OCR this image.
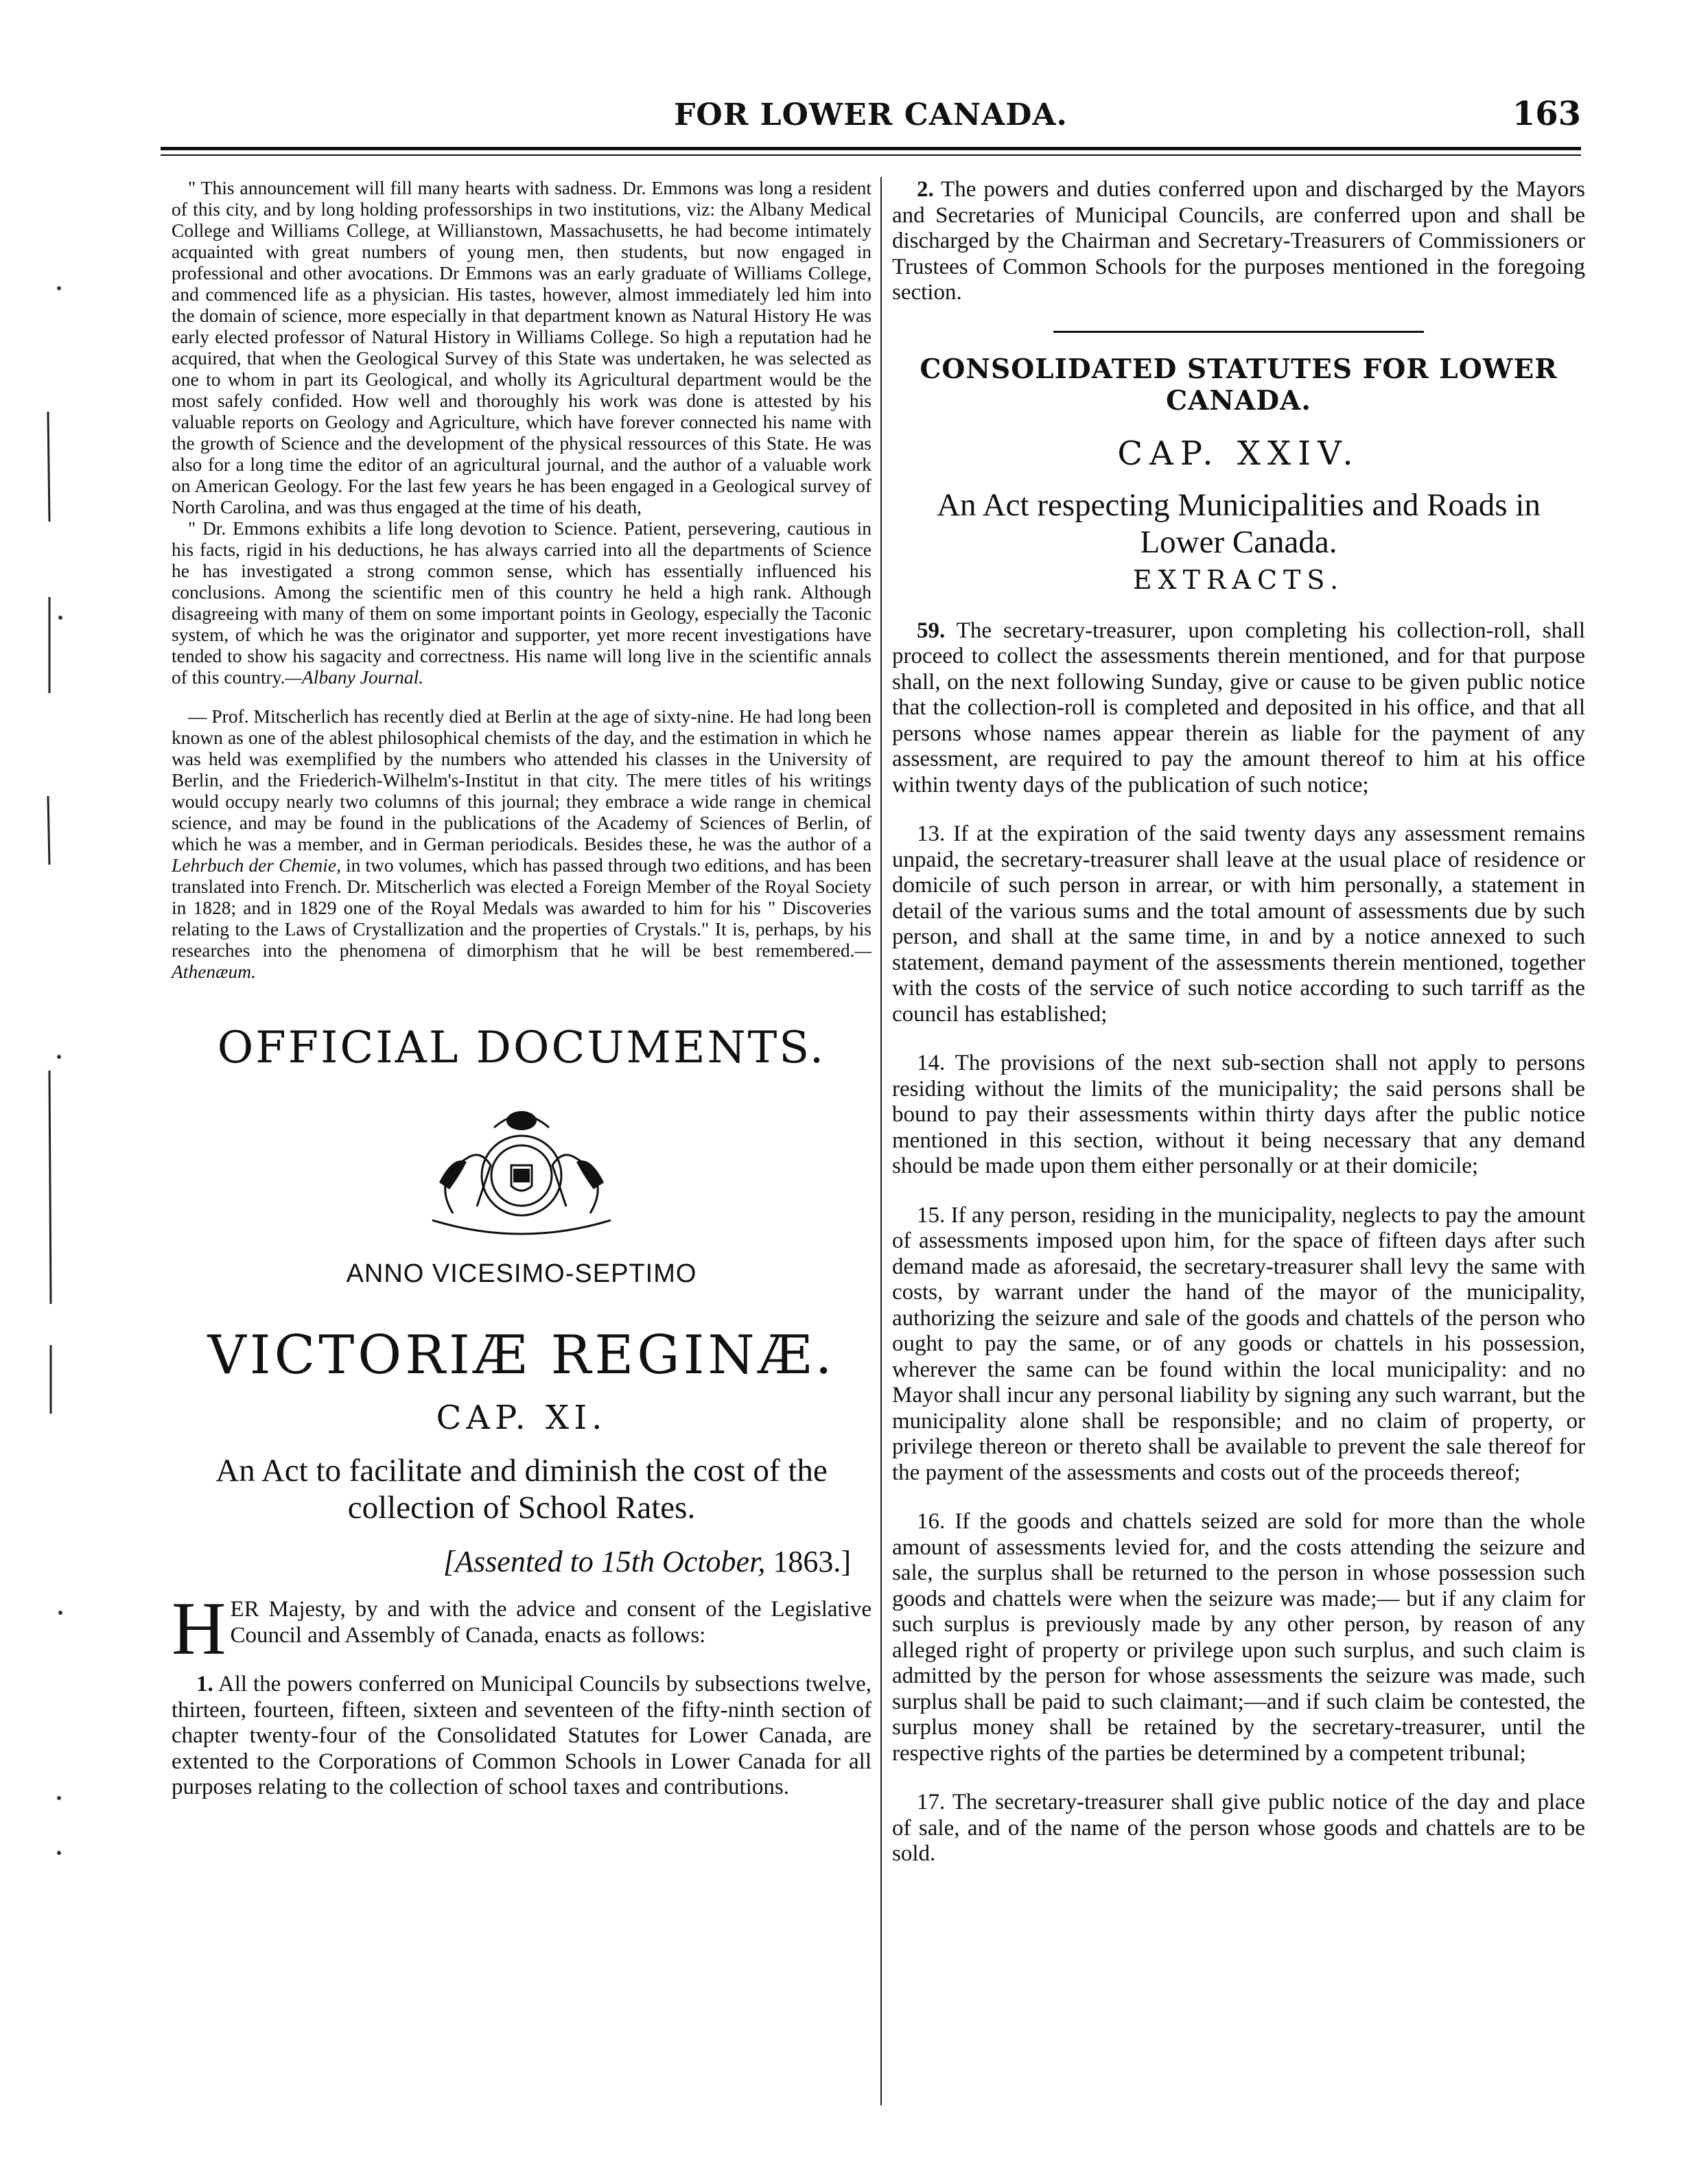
FOR LOWER CANADA.	163

" This announcement will fill many hearts with sadness. Dr. Emmons was long a resident of this city, and by long holding professorships in two institutions, viz: the Albany Medical College and Williams College, at Willianstown, Massachusetts, he had become intimately acquainted with great numbers of young men, then students, but now engaged in professional and other avocations. Dr Emmons was an early graduate of Williams College, and commenced life as a physician. His tastes, however, almost immediately led him into the domain of science, more especially in that department known as Natural History He was early elected professor of Natural History in Williams College. So high a reputation had he acquired, that when the Geological Survey of this State was undertaken, he was selected as one to whom in part its Geological, and wholly its Agricultural department would be the most safely confided. How well and thoroughly his work was done is attested by his valuable reports on Geology and Agriculture, which have forever connected his name with the growth of Science and the development of the physical ressources of this State. He was also for a long time the editor of an agricultural journal, and the author of a valuable work on American Geology. For the last few years he has been engaged in a Geological survey of North Carolina, and was thus engaged at the time of his death,

" Dr. Emmons exhibits a life long devotion to Science. Patient, persevering, cautious in his facts, rigid in his deductions, he has always carried into all the departments of Science he has investigated a strong common sense, which has essentially influenced his conclusions. Among the scientific men of this country he held a high rank. Although disagreeing with many of them on some important points in Geology, especially the Taconic system, of which he was the originator and supporter, yet more recent investigations have tended to show his sagacity and correctness. His name will long live in the scientific annals of this country.—Albany Journal.

— Prof. Mitscherlich has recently died at Berlin at the age of sixty-nine. He had long been known as one of the ablest philosophical chemists of the day, and the estimation in which he was held was exemplified by the numbers who attended his classes in the University of Berlin, and the Friederich-Wilhelm's-Institut in that city. The mere titles of his writings would occupy nearly two columns of this journal; they embrace a wide range in chemical science, and may be found in the publications of the Academy of Sciences of Berlin, of which he was a member, and in German periodicals. Besides these, he was the author of a Lehrbuch der Chemie, in two volumes, which has passed through two editions, and has been translated into French. Dr. Mitscherlich was elected a Foreign Member of the Royal Society in 1828; and in 1829 one of the Royal Medals was awarded to him for his " Discoveries relating to the Laws of Crystallization and the properties of Crystals." It is, perhaps, by his researches into the phenomena of dimorphism that he will be best remembered.—Athenæum.

OFFICIAL DOCUMENTS.
ANNO VICESIMO-SEPTIMO
VICTORIÆ REGINÆ.
CAP. XI.
An Act to facilitate and diminish the cost of the collection of School Rates.
[Assented to 15th October, 1863.]
H ER Majesty, by and with the advice and consent of the Legislative Council and Assembly of Canada, enacts as follows:

1. All the powers conferred on Municipal Councils by subsections twelve, thirteen, fourteen, fifteen, sixteen and seventeen of the fifty-ninth section of chapter twenty-four of the Consolidated Statutes for Lower Canada, are extented to the Corporations of Common Schools in Lower Canada for all purposes relating to the collection of school taxes and contributions.

2. The powers and duties conferred upon and discharged by the Mayors and Secretaries of Municipal Councils, are conferred upon and shall be discharged by the Chairman and Secretary-Treasurers of Commissioners or Trustees of Common Schools for the purposes mentioned in the foregoing section.

CONSOLIDATED STATUTES FOR LOWER CANADA.
CAP. XXIV.
An Act respecting Municipalities and Roads in Lower Canada.
EXTRACTS.

59. The secretary-treasurer, upon completing his collection-roll, shall proceed to collect the assessments therein mentioned, and for that purpose shall, on the next following Sunday, give or cause to be given public notice that the collection-roll is completed and deposited in his office, and that all persons whose names appear therein as liable for the payment of any assessment, are required to pay the amount thereof to him at his office within twenty days of the publication of such notice;

13. If at the expiration of the said twenty days any assessment remains unpaid, the secretary-treasurer shall leave at the usual place of residence or domicile of such person in arrear, or with him personally, a statement in detail of the various sums and the total amount of assessments due by such person, and shall at the same time, in and by a notice annexed to such statement, demand payment of the assessments therein mentioned, together with the costs of the service of such notice according to such tarriff as the council has established;

14. The provisions of the next sub-section shall not apply to persons residing without the limits of the municipality; the said persons shall be bound to pay their assessments within thirty days after the public notice mentioned in this section, without it being necessary that any demand should be made upon them either personally or at their domicile;

15. If any person, residing in the municipality, neglects to pay the amount of assessments imposed upon him, for the space of fifteen days after such demand made as aforesaid, the secretary-treasurer shall levy the same with costs, by warrant under the hand of the mayor of the municipality, authorizing the seizure and sale of the goods and chattels of the person who ought to pay the same, or of any goods or chattels in his possession, wherever the same can be found within the local municipality: and no Mayor shall incur any personal liability by signing any such warrant, but the municipality alone shall be responsible; and no claim of property, or privilege thereon or thereto shall be available to prevent the sale thereof for the payment of the assessments and costs out of the proceeds thereof;

16. If the goods and chattels seized are sold for more than the whole amount of assessments levied for, and the costs attending the seizure and sale, the surplus shall be returned to the person in whose possession such goods and chattels were when the seizure was made;— but if any claim for such surplus is previously made by any other person, by reason of any alleged right of property or privilege upon such surplus, and such claim is admitted by the person for whose assessments the seizure was made, such surplus shall be paid to such claimant;—and if such claim be contested, the surplus money shall be retained by the secretary-treasurer, until the respective rights of the parties be determined by a competent tribunal;

17. The secretary-treasurer shall give public notice of the day and place of sale, and of the name of the person whose goods and chattels are to be sold.
